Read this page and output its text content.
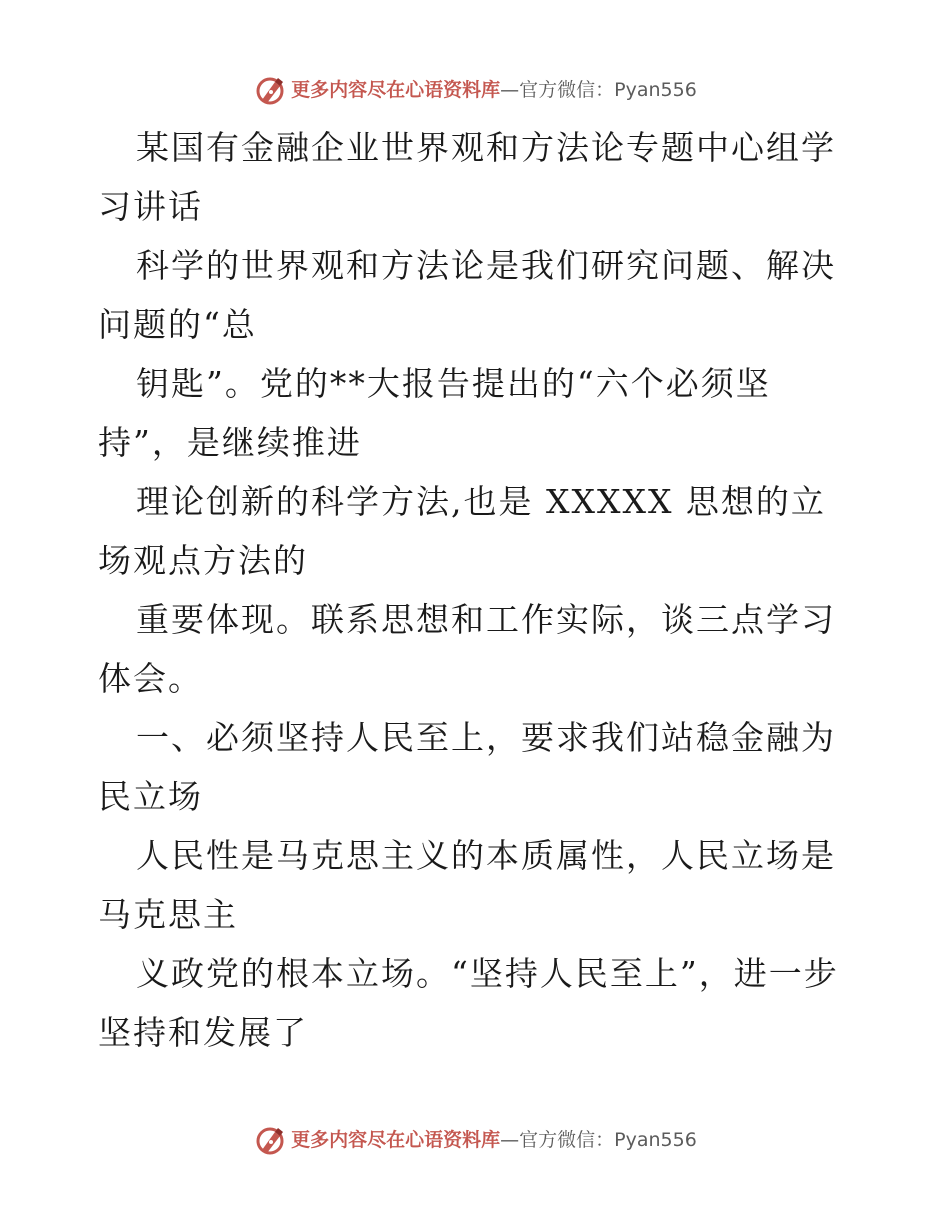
更多内容尽在心语资料库 —官方微信：Pyan556

某国有金融企业世界观和方法论专题中心组学习讲话

科学的世界观和方法论是我们研究问题、解决问题的“总

钥匙”。党的**大报告提出的“六个必须坚持”，是继续推进

理论创新的科学方法,也是 XXXXX 思想的立场观点方法的

重要体现。联系思想和工作实际，谈三点学习体会。

一、必须坚持人民至上，要求我们站稳金融为民立场

人民性是马克思主义的本质属性，人民立场是马克思主

义政党的根本立场。“坚持人民至上”，进一步坚持和发展了

更多内容尽在心语资料库 —官方微信：Pyan556
